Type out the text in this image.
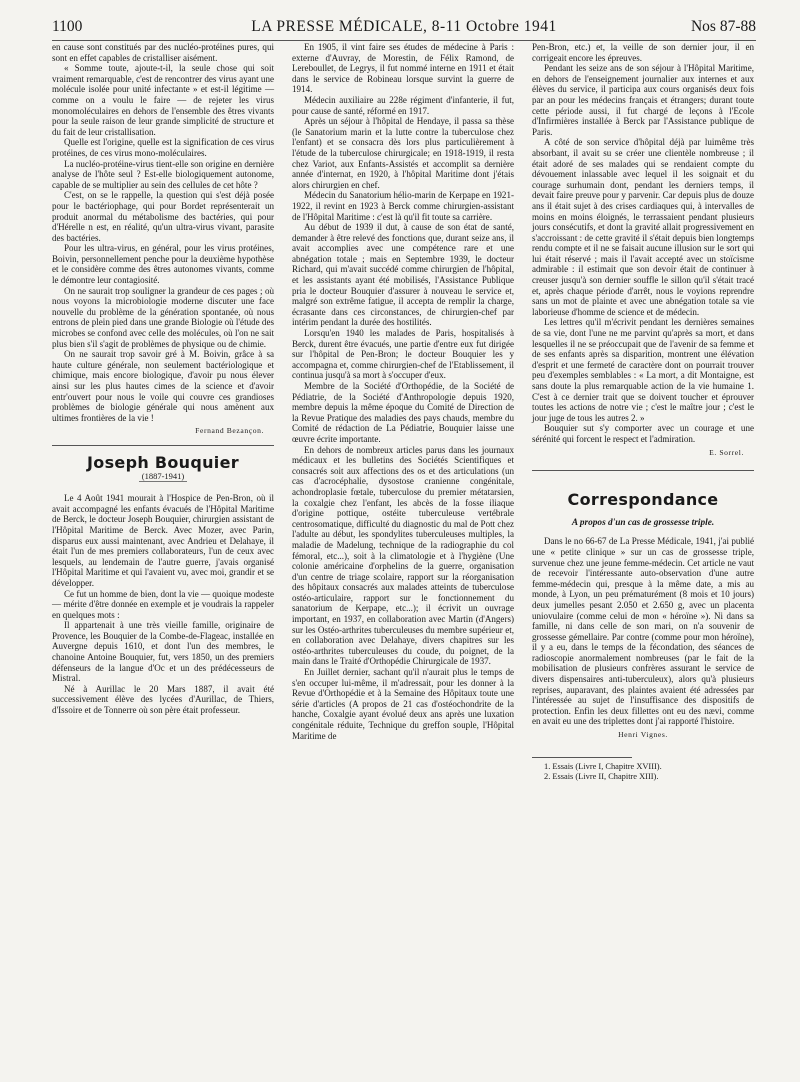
1100	LA PRESSE MÉDICALE, 8-11 Octobre 1941	Nos 87-88

en cause sont constitués par des nucléo-protéines pures, qui sont en effet capables de cristalliser aisément.

« Somme toute, ajoute-t-il, la seule chose qui soit vraiment remarquable, c'est de rencontrer des virus ayant une molécule isolée pour unité infectante » et est-il légitime — comme on a voulu le faire — de rejeter les virus monomoléculaires en dehors de l'ensemble des êtres vivants pour la seule raison de leur grande simplicité de structure et du fait de leur cristallisation.

Quelle est l'origine, quelle est la signification de ces virus protéines, de ces virus mono-moléculaires.

La nucléo-protéine-virus tient-elle son origine en dernière analyse de l'hôte seul ? Est-elle biologiquement autonome, capable de se multiplier au sein des cellules de cet hôte ?

C'est, on se le rappelle, la question qui s'est déjà posée pour le bactériophage, qui pour Bordet représenterait un produit anormal du métabolisme des bactéries, qui pour d'Hérelle n est, en réalité, qu'un ultra-virus vivant, parasite des bactéries.

Pour les ultra-virus, en général, pour les virus protéines, Boivin, personnellement penche pour la deuxième hypothèse et le considère comme des êtres autonomes vivants, comme le démontre leur contagiosité.

On ne saurait trop souligner la grandeur de ces pages ; où nous voyons la microbiologie moderne discuter une face nouvelle du problème de la génération spontanée, où nous entrons de plein pied dans une grande Biologie où l'étude des microbes se confond avec celle des molécules, où l'on ne sait plus bien s'il s'agit de problèmes de physique ou de chimie.

On ne saurait trop savoir gré à M. Boivin, grâce à sa haute culture générale, non seulement bactériologique et chimique, mais encore biologique, d'avoir pu nous élever ainsi sur les plus hautes cimes de la science et d'avoir entr'ouvert pour nous le voile qui couvre ces grandioses problèmes de biologie générale qui nous amènent aux ultimes frontières de la vie !

Fernand Bezançon.
Joseph Bouquier
(1887-1941)

Le 4 Août 1941 mourait à l'Hospice de Pen-Bron, où il avait accompagné les enfants évacués de l'Hôpital Maritime de Berck, le docteur Joseph Bouquier, chirurgien assistant de l'Hôpital Maritime de Berck. Avec Mozer, avec Parin, disparus eux aussi maintenant, avec Andrieu et Delahaye, il était l'un de mes premiers collaborateurs, l'un de ceux avec lesquels, au lendemain de l'autre guerre, j'avais organisé l'Hôpital Maritime et qui l'avaient vu, avec moi, grandir et se développer.

Ce fut un homme de bien, dont la vie — quoique modeste — mérite d'être donnée en exemple et je voudrais la rappeler en quelques mots :

Il appartenait à une très vieille famille, originaire de Provence, les Bouquier de la Combe-de-Flageac, installée en Auvergne depuis 1610, et dont l'un des membres, le chanoine Antoine Bouquier, fut, vers 1850, un des premiers défenseurs de la langue d'Oc et un des prédécesseurs de Mistral.

Né à Aurillac le 20 Mars 1887, il avait été successivement élève des lycées d'Aurillac, de Thiers, d'Issoire et de Tonnerre où son père était professeur.

En 1905, il vint faire ses études de médecine à Paris : externe d'Auvray, de Morestin, de Félix Ramond, de Lereboullet, de Legrys, il fut nommé interne en 1911 et était dans le service de Robineau lorsque survint la guerre de 1914.

Médecin auxiliaire au 228e régiment d'infanterie, il fut, pour cause de santé, réformé en 1917.

Après un séjour à l'hôpital de Hendaye, il passa sa thèse (le Sanatorium marin et la lutte contre la tuberculose chez l'enfant) et se consacra dès lors plus particulièrement à l'étude de la tuberculose chirurgicale; en 1918-1919, il resta chez Variot, aux Enfants-Assistés et accomplit sa dernière année d'internat, en 1920, à l'hôpital Maritime dont j'étais alors chirurgien en chef.

Médecin du Sanatorium hélio-marin de Kerpape en 1921-1922, il revint en 1923 à Berck comme chirurgien-assistant de l'Hôpital Maritime : c'est là qu'il fit toute sa carrière.

Au début de 1939 il dut, à cause de son état de santé, demander à être relevé des fonctions que, durant seize ans, il avait accomplies avec une compétence rare et une abnégation totale ; mais en Septembre 1939, le docteur Richard, qui m'avait succédé comme chirurgien de l'hôpital, et les assistants ayant été mobilisés, l'Assistance Publique pria le docteur Bouquier d'assurer à nouveau le service et, malgré son extrême fatigue, il accepta de remplir la charge, écrasante dans ces circonstances, de chirurgien-chef par intérim pendant la durée des hostilités.

Lorsqu'en 1940 les malades de Paris, hospitalisés à Berck, durent être évacués, une partie d'entre eux fut dirigée sur l'hôpital de Pen-Bron; le docteur Bouquier les y accompagna et, comme chirurgien-chef de l'Etablissement, il continua jusqu'à sa mort à s'occuper d'eux.

Membre de la Société d'Orthopédie, de la Société de Pédiatrie, de la Société d'Anthropologie depuis 1920, membre depuis la même époque du Comité de Direction de la Revue Pratique des maladies des pays chauds, membre du Comité de rédaction de La Pédiatrie, Bouquier laisse une œuvre écrite importante.

En dehors de nombreux articles parus dans les journaux médicaux et les bulletins des Sociétés Scientifiques et consacrés soit aux affections des os et des articulations (un cas d'acrocéphalie, dysostose cranienne congénitale, achondroplasie fœtale, tuberculose du premier métatarsien, la coxalgie chez l'enfant, les abcès de la fosse iliaque d'origine pottique, ostéite tuberculeuse vertébrale centrosomatique, difficulté du diagnostic du mal de Pott chez l'adulte au début, les spondylites tuberculeuses multiples, la maladie de Madelung, technique de la radiographie du col fémoral, etc...), soit à la climatologie et à l'hygiène (Une colonie américaine d'orphelins de la guerre, organisation d'un centre de triage scolaire, rapport sur la réorganisation des hôpitaux consacrés aux malades atteints de tuberculose ostéo-articulaire, rapport sur le fonctionnement du sanatorium de Kerpape, etc...); il écrivit un ouvrage important, en 1937, en collaboration avec Martin (d'Angers) sur les Ostéo-arthrites tuberculeuses du membre supérieur et, en collaboration avec Delahaye, divers chapitres sur les ostéo-arthrites tuberculeuses du coude, du poignet, de la main dans le Traité d'Orthopédie Chirurgicale de 1937.

En Juillet dernier, sachant qu'il n'aurait plus le temps de s'en occuper lui-même, il m'adressait, pour les donner à la Revue d'Orthopédie et à la Semaine des Hôpitaux toute une série d'articles (A propos de 21 cas d'ostéochondrite de la hanche, Coxalgie ayant évolué deux ans après une luxation congénitale réduite, Technique du greffon souple, l'Hôpital Maritime de

Pen-Bron, etc.) et, la veille de son dernier jour, il en corrigeait encore les épreuves.

Pendant les seize ans de son séjour à l'Hôpital Maritime, en dehors de l'enseignement journalier aux internes et aux élèves du service, il participa aux cours organisés deux fois par an pour les médecins français et étrangers; durant toute cette période aussi, il fut chargé de leçons à l'Ecole d'Infirmières installée à Berck par l'Assistance publique de Paris.

A côté de son service d'hôpital déjà par luimême très absorbant, il avait su se créer une clientèle nombreuse ; il était adoré de ses malades qui se rendaient compte du dévouement inlassable avec lequel il les soignait et du courage surhumain dont, pendant les derniers temps, il devait faire preuve pour y parvenir. Car depuis plus de douze ans il était sujet à des crises cardiaques qui, à intervalles de moins en moins éloignés, le terrassaient pendant plusieurs jours consécutifs, et dont la gravité allait progressivement en s'accroissant : de cette gravité il s'était depuis bien longtemps rendu compte et il ne se faisait aucune illusion sur le sort qui lui était réservé ; mais il l'avait accepté avec un stoïcisme admirable : il estimait que son devoir était de continuer à creuser jusqu'à son dernier souffle le sillon qu'il s'était tracé et, après chaque période d'arrêt, nous le voyions reprendre sans un mot de plainte et avec une abnégation totale sa vie laborieuse d'homme de science et de médecin.

Les lettres qu'il m'écrivit pendant les dernières semaines de sa vie, dont l'une ne me parvint qu'après sa mort, et dans lesquelles il ne se préoccupait que de l'avenir de sa femme et de ses enfants après sa disparition, montrent une élévation d'esprit et une fermeté de caractère dont on pourrait trouver peu d'exemples semblables : « La mort, a dit Montaigne, est sans doute la plus remarquable action de la vie humaine 1. C'est à ce dernier trait que se doivent toucher et éprouver toutes les actions de notre vie ; c'est le maître jour ; c'est le jour juge de tous les autres 2. »

Bouquier sut s'y comporter avec un courage et une sérénité qui forcent le respect et l'admiration.

E. Sorrel.
Correspondance
A propos d'un cas de grossesse triple.

Dans le no 66-67 de La Presse Médicale, 1941, j'ai publié une « petite clinique » sur un cas de grossesse triple, survenue chez une jeune femme-médecin. Cet article ne vaut de recevoir l'intéressante auto-observation d'une autre femme-médecin qui, presque à la même date, a mis au monde, à Lyon, un peu prématurément (8 mois et 10 jours) deux jumelles pesant 2.050 et 2.650 g, avec un placenta uniovulaire (comme celui de mon « héroïne »). Ni dans sa famille, ni dans celle de son mari, on n'a souvenir de grossesse gémellaire. Par contre (comme pour mon héroïne), il y a eu, dans le temps de la fécondation, des séances de radioscopie anormalement nombreuses (par le fait de la mobilisation de plusieurs confrères assurant le service de divers dispensaires anti-tuberculeux), alors qu'à plusieurs reprises, auparavant, des plaintes avaient été adressées par l'intéressée au sujet de l'insuffisance des dispositifs de protection. Enfin les deux fillettes ont eu des nævi, comme en avait eu une des triplettes dont j'ai rapporté l'histoire.

Henri Vignes.

1. Essais (Livre I, Chapitre XVIII).

2. Essais (Livre II, Chapitre XIII).
